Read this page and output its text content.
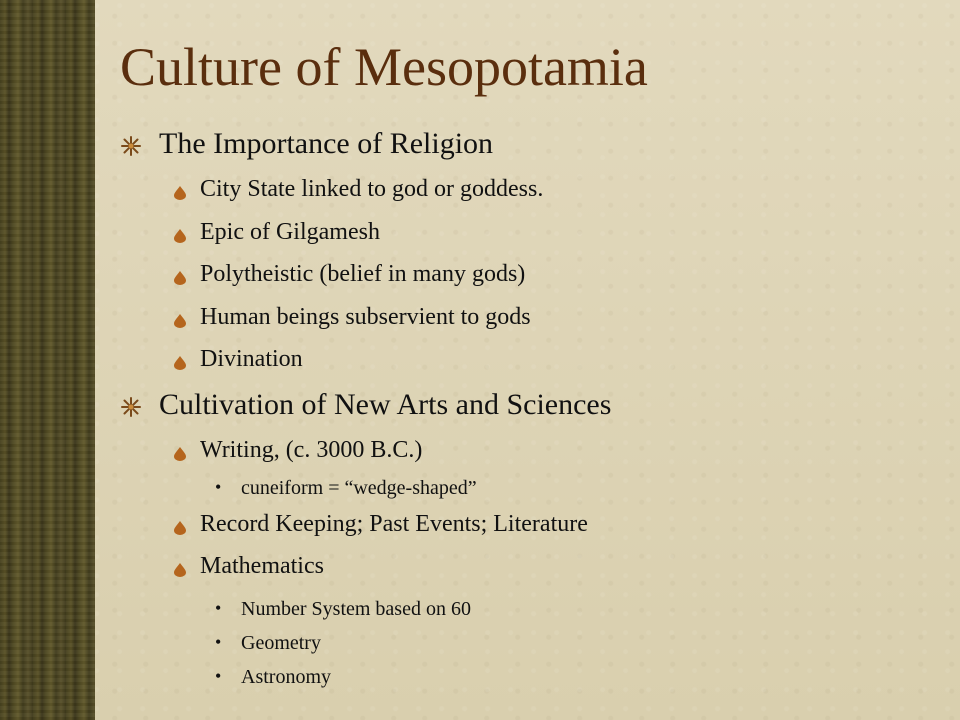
Culture of Mesopotamia
The Importance of Religion
City State linked to god or goddess.
Epic of Gilgamesh
Polytheistic (belief in many gods)
Human beings subservient to gods
Divination
Cultivation of New Arts and Sciences
Writing, (c. 3000 B.C.)
• cuneiform = “wedge-shaped”
Record Keeping; Past Events; Literature
Mathematics
• Number System based on 60
• Geometry
• Astronomy
